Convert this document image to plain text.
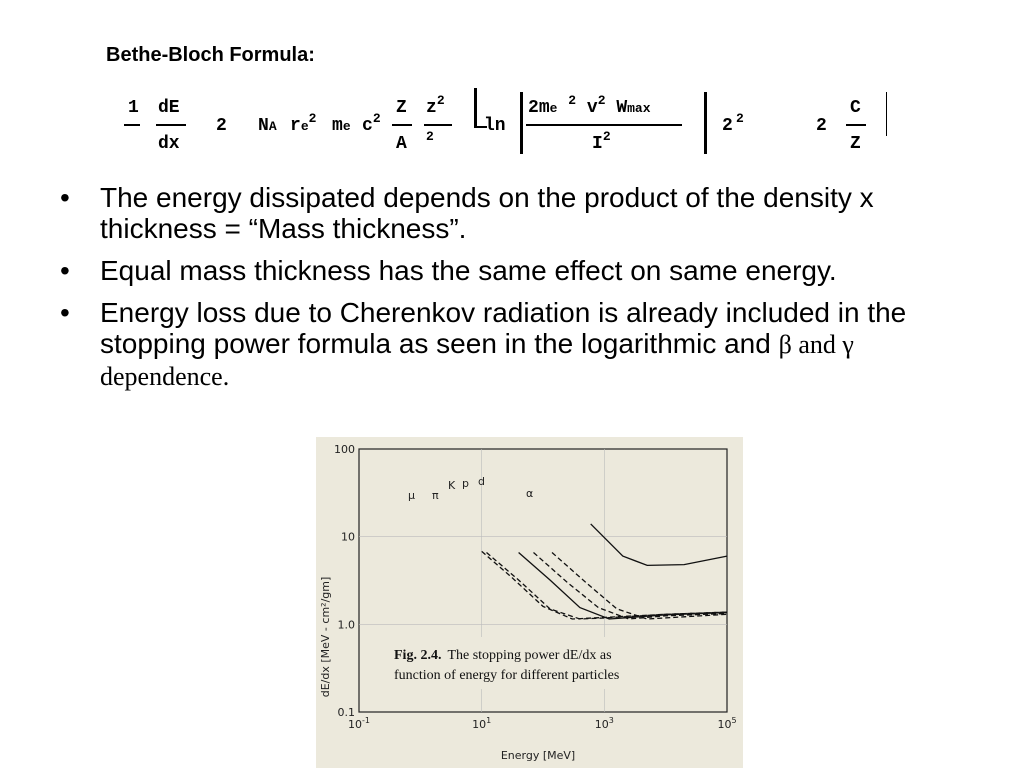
Bethe-Bloch Formula:
1 dE
dx
2 NA $re^2$ me $c^2$
Z
A
$z^2$
$^2$
ln
2me $^2$ $v^2$ Wmax
$I^2$
2 $^2$	2
C
Z
• The energy dissipated depends on the product of the density x thickness = “Mass thickness”.
• Equal mass thickness has the same effect on same energy.
• Energy loss due to Cherenkov radiation is already included in the stopping power formula as seen in the logarithmic and β and γ dependence.
100
10
1.0
0.1
$10^{-1}$	$10^1$	$10^3$	$10^5$
μ π
K p d
α
dE/dx [MeV - cm²/gm]
Energy [MeV]
Fig. 2.4. The stopping power dE/dx as
function of energy for different particles
